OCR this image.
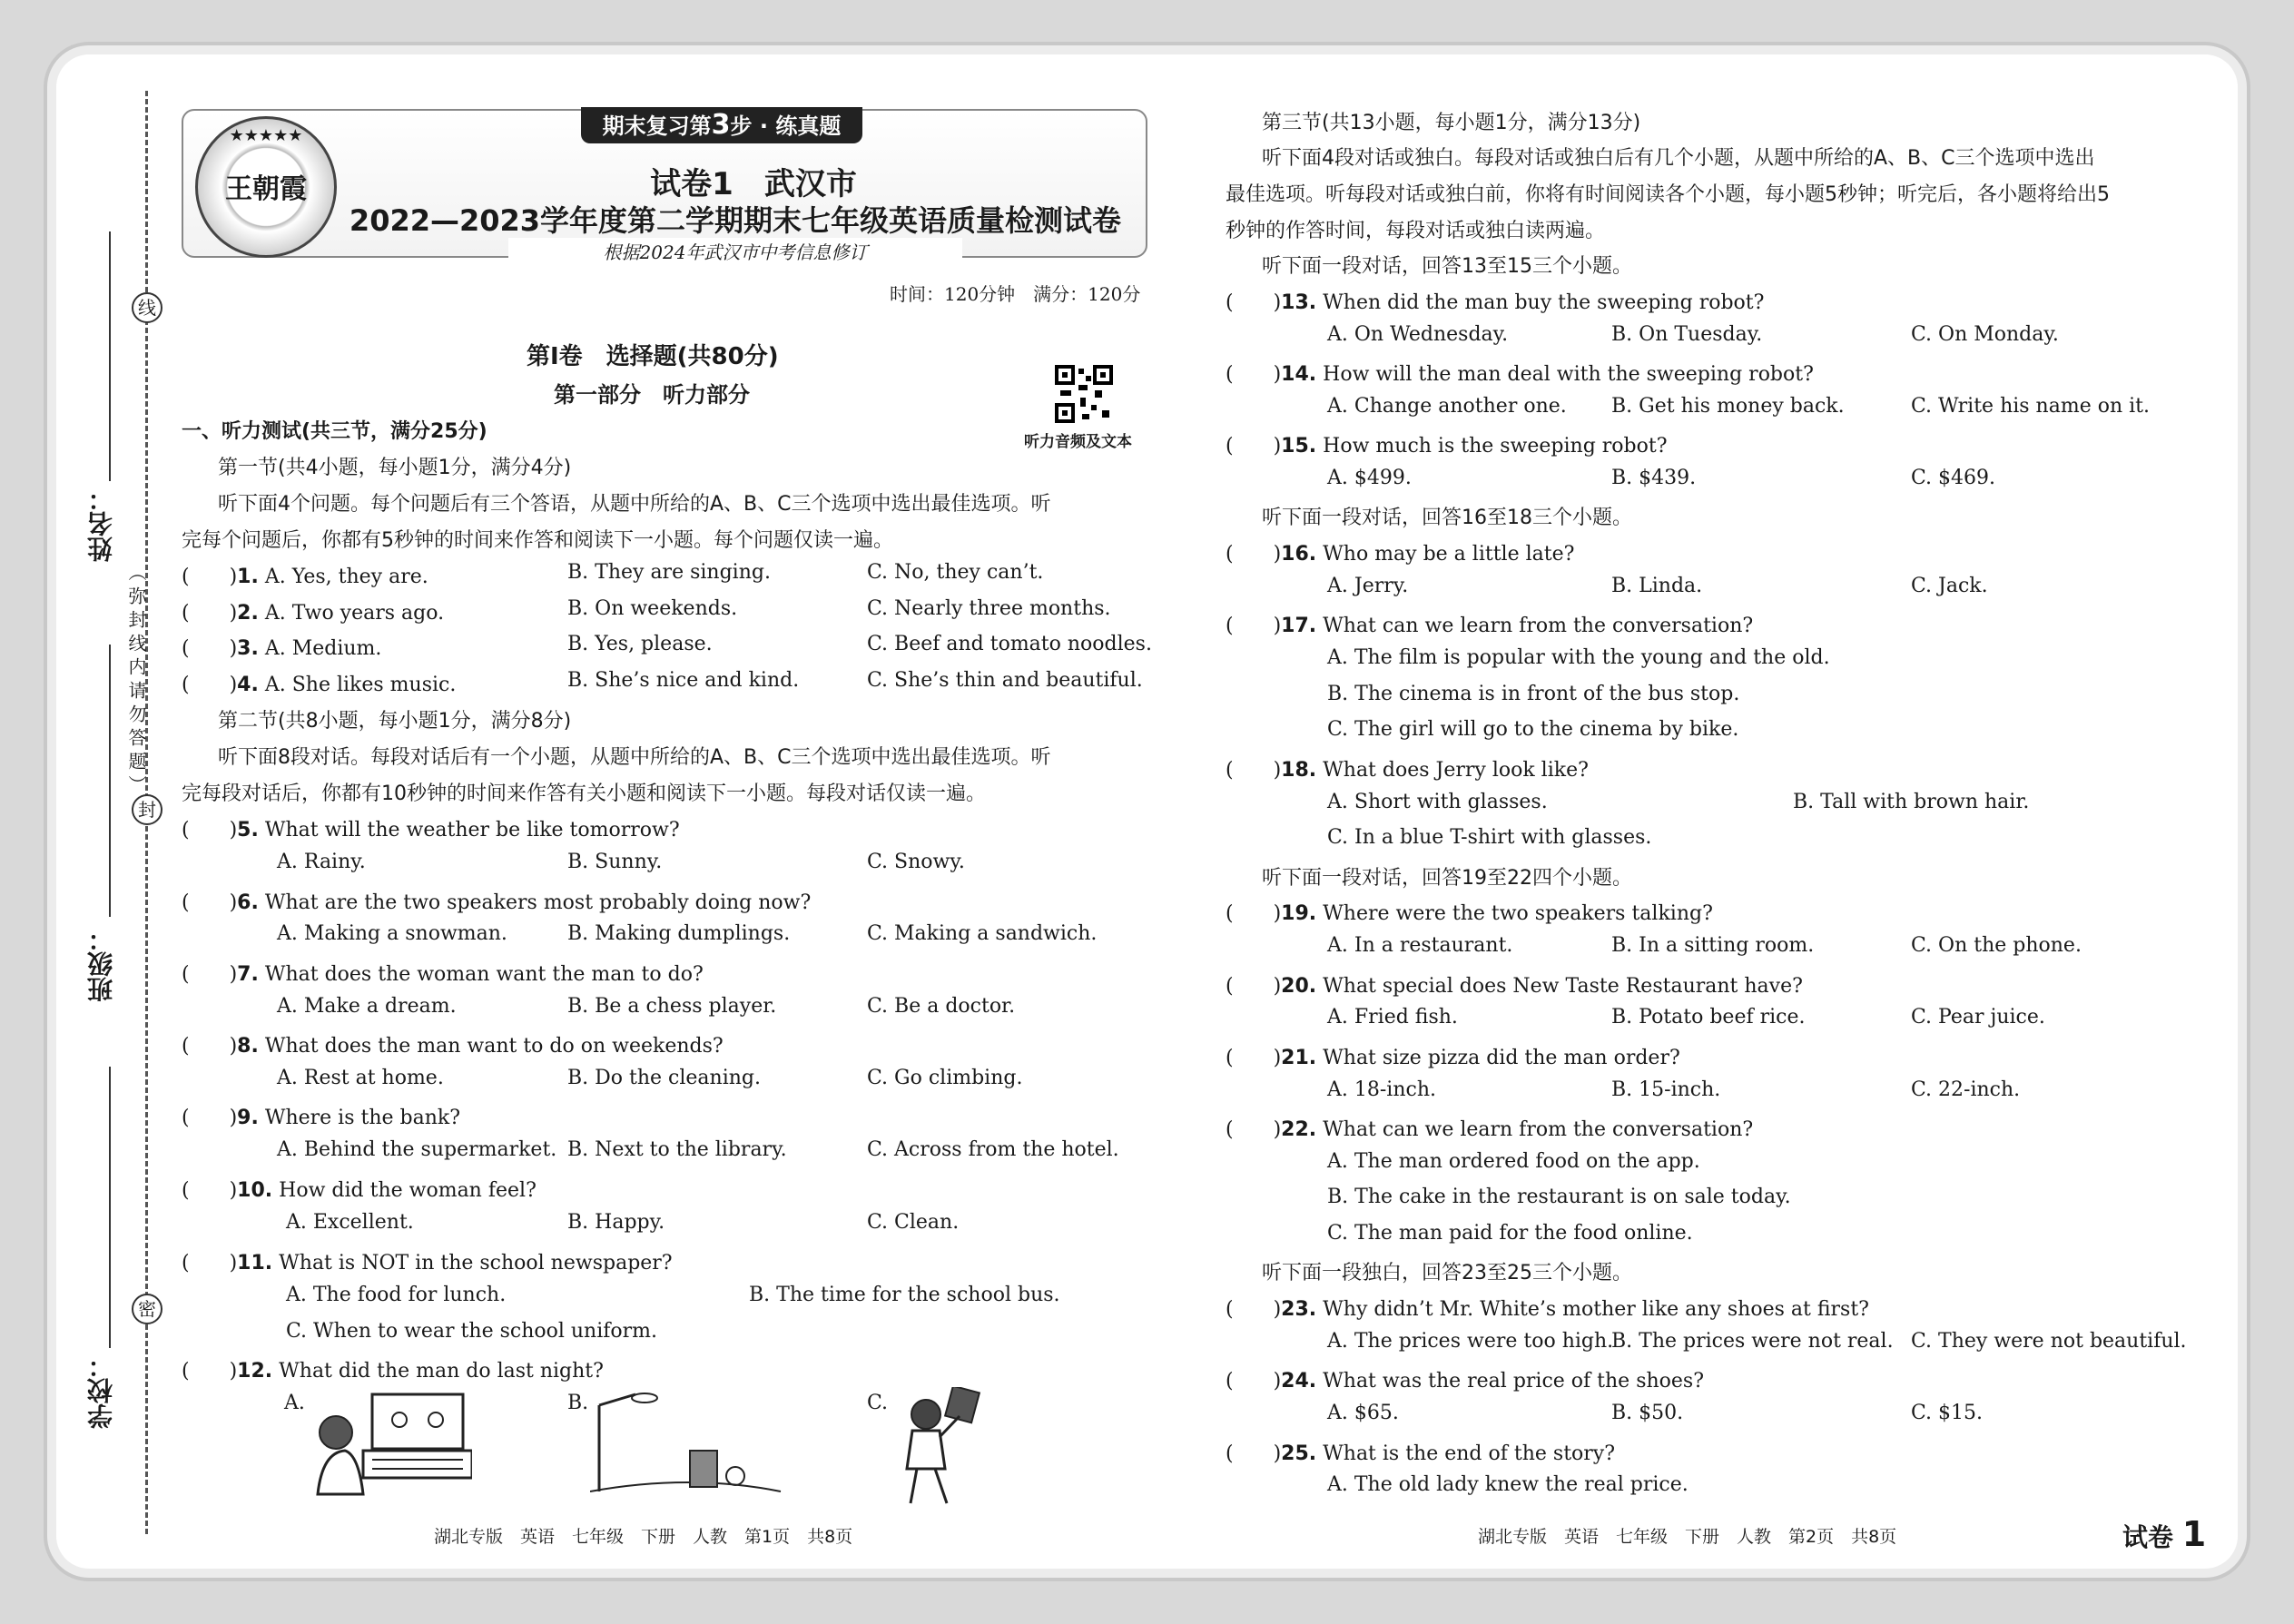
线
封
密
（弥封线内请勿答题）
姓名：
班级：
学校：
期末复习第3步 · 练真题
★★★★★
王朝霞	试卷1　武汉市
2022—2023学年度第二学期期末七年级英语质量检测试卷
根据2024年武汉市中考信息修订
时间：120分钟　满分：120分
第Ⅰ卷　选择题(共80分)
第一部分　听力部分
听力音频及文本
一、听力测试(共三节，满分25分)
第一节(共4小题，每小题1分，满分4分)
听下面4个问题。每个问题后有三个答语，从题中所给的A、B、C三个选项中选出最佳选项。听
完每个问题后，你都有5秒钟的时间来作答和阅读下一小题。每个问题仅读一遍。
(　　)1. A. Yes, they are.	B. They are singing.	C. No, they can’t.
(　　)2. A. Two years ago.	B. On weekends.	C. Nearly three months.
(　　)3. A. Medium.	B. Yes, please.	C. Beef and tomato noodles.
(　　)4. A. She likes music.	B. She’s nice and kind.	C. She’s thin and beautiful.
第二节(共8小题，每小题1分，满分8分)
听下面8段对话。每段对话后有一个小题，从题中所给的A、B、C三个选项中选出最佳选项。听
完每段对话后，你都有10秒钟的时间来作答有关小题和阅读下一小题。每段对话仅读一遍。
(　　)5. What will the weather be like tomorrow?
A. Rainy.	B. Sunny.	C. Snowy.
(　　)6. What are the two speakers most probably doing now?
A. Making a snowman.	B. Making dumplings.	C. Making a sandwich.
(　　)7. What does the woman want the man to do?
A. Make a dream.	B. Be a chess player.	C. Be a doctor.
(　　)8. What does the man want to do on weekends?
A. Rest at home.	B. Do the cleaning.	C. Go climbing.
(　　)9. Where is the bank?
A. Behind the supermarket. B. Next to the library.	C. Across from the hotel.
(　　)10. How did the woman feel?
A. Excellent.	B. Happy.	C. Clean.
(　　)11. What is NOT in the school newspaper?
A. The food for lunch.	B. The time for the school bus.
C. When to wear the school uniform.
(　　)12. What did the man do last night?
A.	B.	C.
湖北专版　英语　七年级　下册　人教　第1页　共8页
第三节(共13小题，每小题1分，满分13分)
听下面4段对话或独白。每段对话或独白后有几个小题，从题中所给的A、B、C三个选项中选出
最佳选项。听每段对话或独白前，你将有时间阅读各个小题，每小题5秒钟；听完后，各小题将给出5
秒钟的作答时间，每段对话或独白读两遍。
听下面一段对话，回答13至15三个小题。
(　　)13. When did the man buy the sweeping robot?
A. On Wednesday.	B. On Tuesday.	C. On Monday.
(　　)14. How will the man deal with the sweeping robot?
A. Change another one. B. Get his money back.	C. Write his name on it.
(　　)15. How much is the sweeping robot?
A. $499.	B. $439.	C. $469.
听下面一段对话，回答16至18三个小题。
(　　)16. Who may be a little late?
A. Jerry.	B. Linda.	C. Jack.
(　　)17. What can we learn from the conversation?
A. The film is popular with the young and the old.
B. The cinema is in front of the bus stop.
C. The girl will go to the cinema by bike.
(　　)18. What does Jerry look like?
A. Short with glasses.	B. Tall with brown hair.
C. In a blue T-shirt with glasses.
听下面一段对话，回答19至22四个小题。
(　　)19. Where were the two speakers talking?
A. In a restaurant.	B. In a sitting room.	C. On the phone.
(　　)20. What special does New Taste Restaurant have?
A. Fried fish.	B. Potato beef rice.	C. Pear juice.
(　　)21. What size pizza did the man order?
A. 18-inch.	B. 15-inch.	C. 22-inch.
(　　)22. What can we learn from the conversation?
A. The man ordered food on the app.
B. The cake in the restaurant is on sale today.
C. The man paid for the food online.
听下面一段独白，回答23至25三个小题。
(　　)23. Why didn’t Mr. White’s mother like any shoes at first?
A. The prices were too high.
B. The prices were not real. C. They were not beautiful.
(　　)24. What was the real price of the shoes?
A. $65.	B. $50.	C. $15.
(　　)25. What is the end of the story?
A. The old lady knew the real price.
湖北专版　英语　七年级　下册　人教　第2页　共8页	试卷 1
